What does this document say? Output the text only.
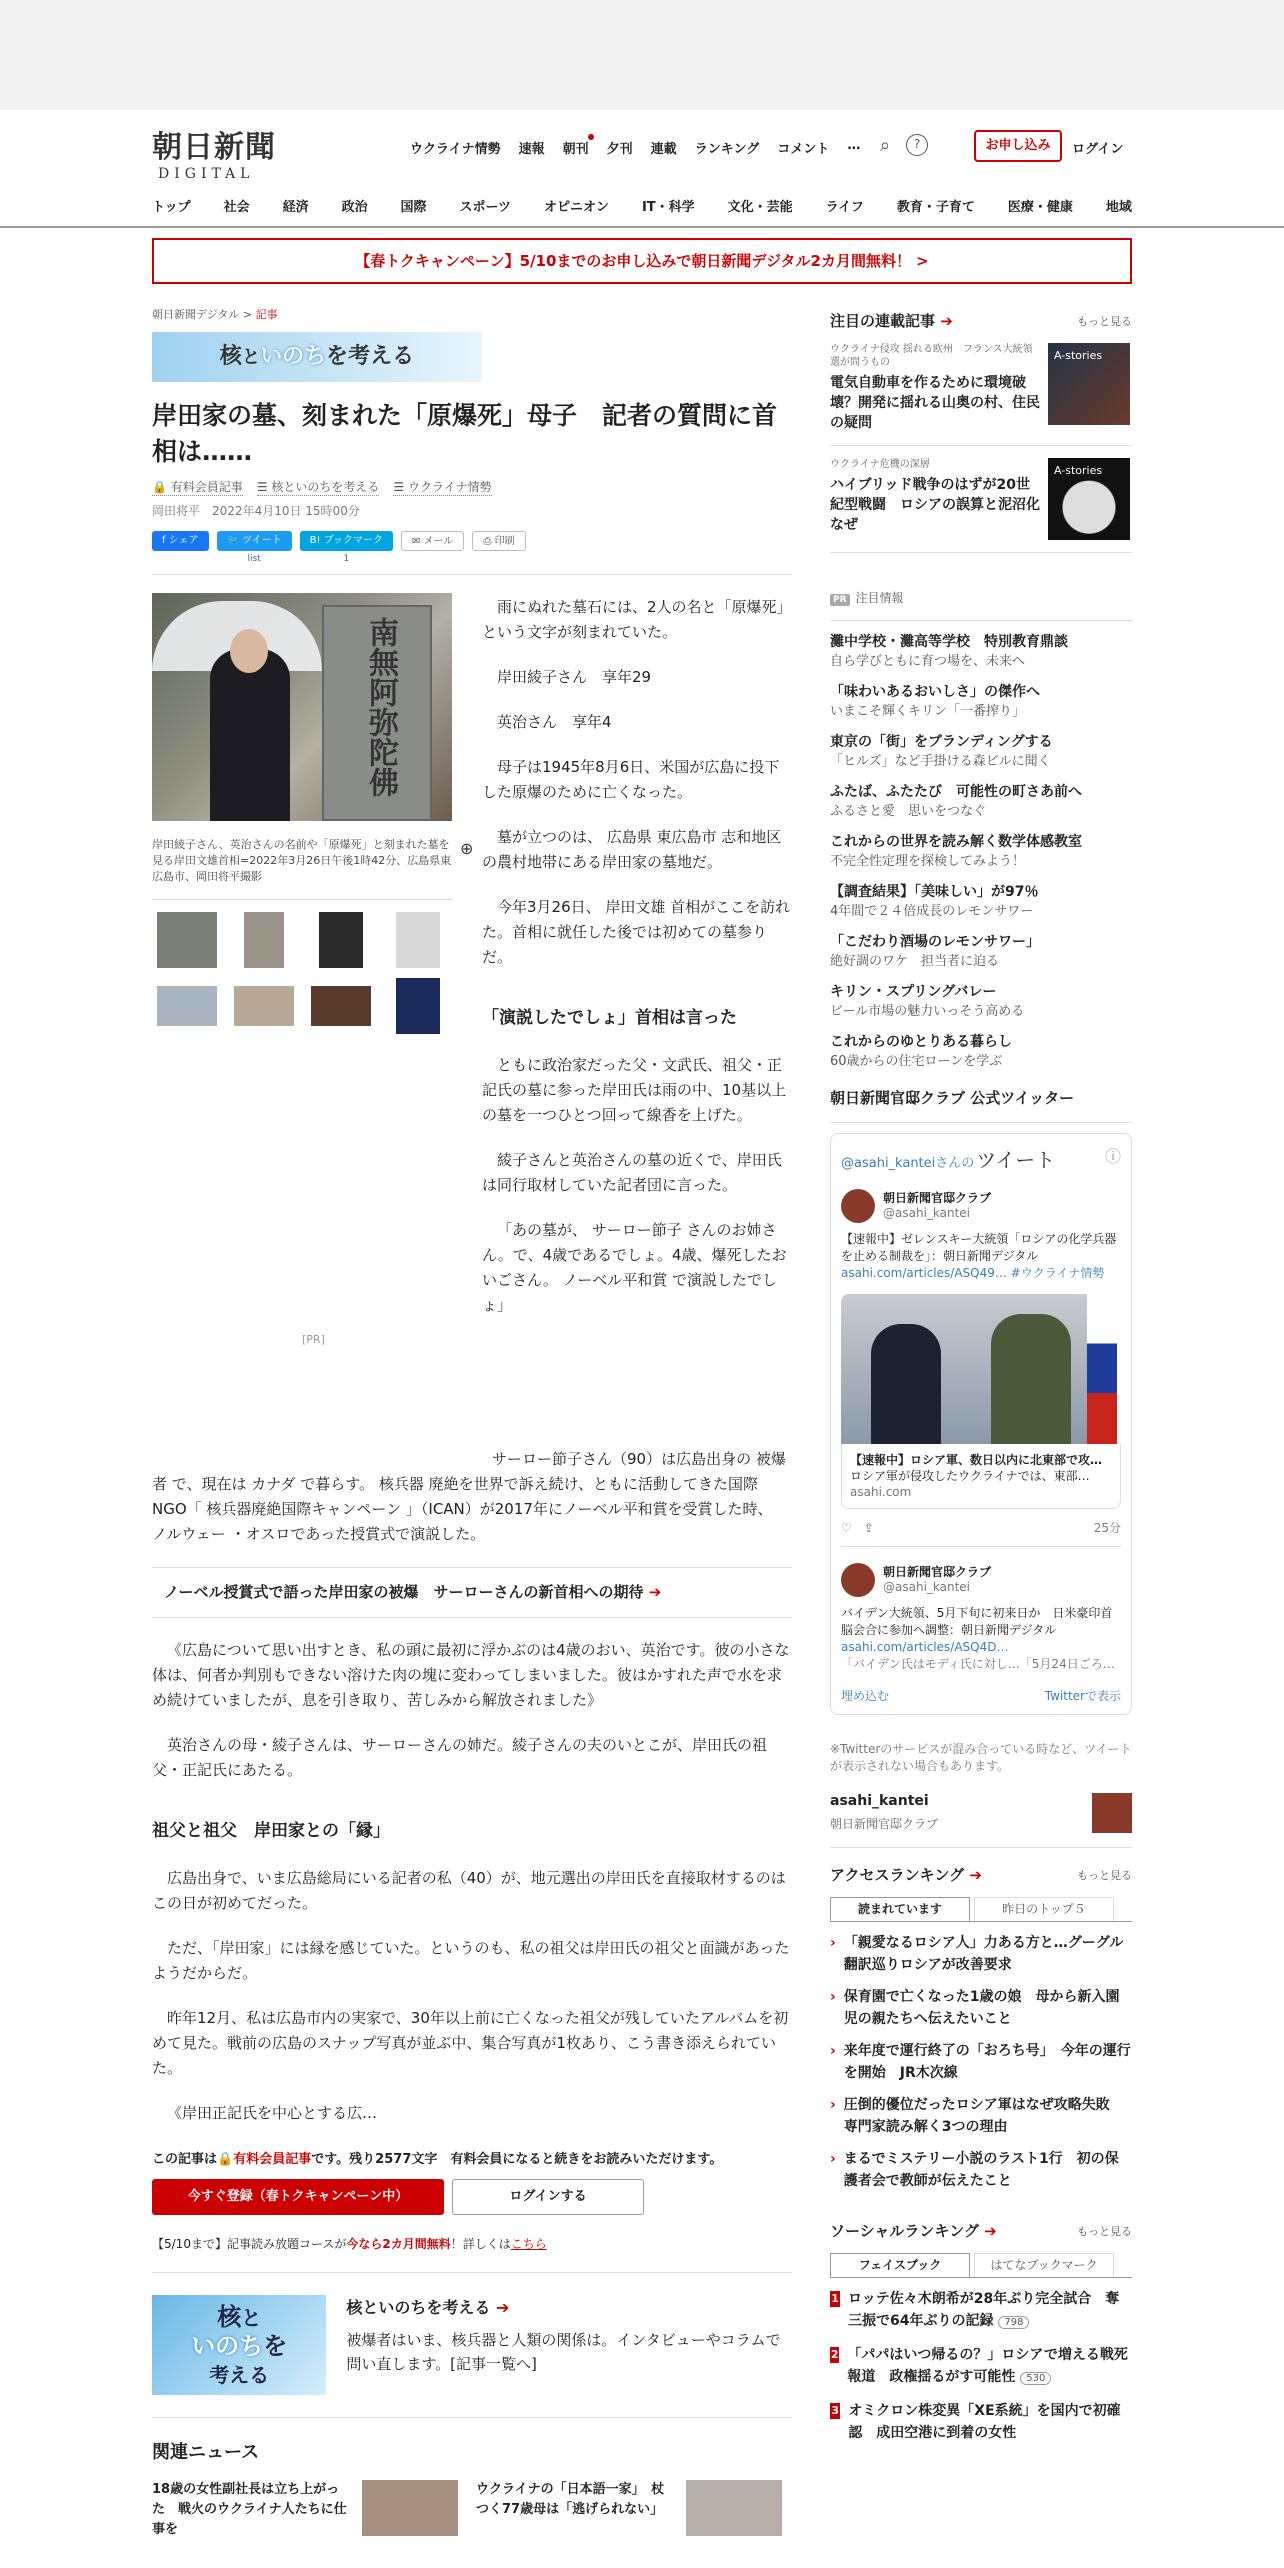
朝日新聞
DIGITAL
ウクライナ情勢 速報 朝刊 夕刊 連載 ランキング コメント … ⌕	?	お申し込み	ログイン
トップ	社会	経済	政治	国際	スポーツ	オピニオン	IT・科学	文化・芸能	ライフ	教育・子育て	医療・健康	地域
【春トクキャンペーン】5/10までのお申し込みで朝日新聞デジタル2カ月間無料！ >
朝日新聞デジタル > 記事
核といのちを考える
岸田家の墓、刻まれた「原爆死」母子　記者の質問に首相は……
🔒 有料会員記事 ☰ 核といのちを考える ☰ ウクライナ情勢
岡田将平　 2022年4月10日 15時00分
f シェア	🐦 ツイート
list
B! ブックマーク
1
✉ メール	⎙ 印刷
南無阿弥陀佛
岸田綾子さん、英治さんの名前や「原爆死」と刻まれた墓を見る岸田文雄首相=2022年3月26日午後1時42分、広島県東広島市、岡田将平撮影
⊕
[PR]

雨にぬれた墓石には、2人の名と「原爆死」という文字が刻まれていた。

岸田綾子さん　享年29

英治さん　享年4

母子は1945年8月6日、米国が広島に投下した原爆のために亡くなった。

墓が立つのは、 広島県 東広島市 志和地区の農村地帯にある岸田家の墓地だ。

今年3月26日、 岸田文雄 首相がここを訪れた。首相に就任した後では初めての墓参りだ。

「演説したでしょ」首相は言った

ともに政治家だった父・文武氏、祖父・正記氏の墓に参った岸田氏は雨の中、10基以上の墓を一つひとつ回って線香を上げた。

綾子さんと英治さんの墓の近くで、岸田氏は同行取材していた記者団に言った。

「あの墓が、 サーロー節子 さんのお姉さん。で、4歳であるでしょ。4歳、爆死したおいごさん。 ノーベル平和賞 で演説したでしょ」

サーロー節子さん（90）は広島出身の 被爆者 で、現在は カナダ で暮らす。 核兵器 廃絶を世界で訴え続け、ともに活動してきた国際NGO「 核兵器廃絶国際キャンペーン 」（ICAN）が2017年にノーベル平和賞を受賞した時、 ノルウェー ・オスロであった授賞式で演説した。

ノーベル授賞式で語った岸田家の被爆　サーローさんの新首相への期待 ➔

《広島について思い出すとき、私の頭に最初に浮かぶのは4歳のおい、英治です。彼の小さな体は、何者か判別もできない溶けた肉の塊に変わってしまいました。彼はかすれた声で水を求め続けていましたが、息を引き取り、苦しみから解放されました》

英治さんの母・綾子さんは、サーローさんの姉だ。綾子さんの夫のいとこが、岸田氏の祖父・正記氏にあたる。

祖父と祖父　岸田家との「縁」

広島出身で、いま広島総局にいる記者の私（40）が、地元選出の岸田氏を直接取材するのはこの日が初めてだった。

ただ、「岸田家」には縁を感じていた。というのも、私の祖父は岸田氏の祖父と面識があったようだからだ。

昨年12月、私は広島市内の実家で、30年以上前に亡くなった祖父が残していたアルバムを初めて見た。戦前の広島のスナップ写真が並ぶ中、集合写真が1枚あり、こう書き添えられていた。

《岸田正記氏を中心とする広…

この記事は🔒有料会員記事です。残り2577文字　有料会員になると続きをお読みいただけます。
今すぐ登録（春トクキャンペーン中）	ログインする
【5/10まで】記事読み放題コースが今なら2カ月間無料！詳しくはこちら
核と
いのちを
考える
核といのちを考える ➔
被爆者はいま、核兵器と人類の関係は。インタビューやコラムで問い直します。[記事一覧へ]
関連ニュース
18歳の女性副社長は立ち上がった　戦火のウクライナ人たちに仕事を
ウクライナの「日本語一家」　杖つく77歳母は「逃げられない」
注目の連載記事 ➔	もっと見る
ウクライナ侵攻 揺れる欧州　フランス大統領選が問うもの
電気自動車を作るために環境破壊？開発に揺れる山奥の村、住民の疑問
A-stories
ウクライナ危機の深層
ハイブリッド戦争のはずが20世紀型戦闘　ロシアの誤算と泥沼化なぜ
A-stories
PR 注目情報
灘中学校・灘高等学校　特別教育鼎談
自ら学びともに育つ場を、未来へ
「味わいあるおいしさ」の傑作へ
いまこそ輝くキリン「一番搾り」
東京の「街」をブランディングする
「ヒルズ」など手掛ける森ビルに聞く
ふたば、ふたたび　可能性の町さあ前へ
ふるさと愛　思いをつなぐ
これからの世界を読み解く数学体感教室
不完全性定理を探検してみよう！
【調査結果】「美味しい」が97％
4年間で２４倍成長のレモンサワー
「こだわり酒場のレモンサワー」
絶好調のワケ　担当者に迫る
キリン・スプリングバレー
ビール市場の魅力いっそう高める
これからのゆとりある暮らし
60歳からの住宅ローンを学ぶ
朝日新聞官邸クラブ 公式ツイッター
@asahi_kanteiさんの ツイート	ⓘ
朝日新聞官邸クラブ
@asahi_kantei
【速報中】ゼレンスキー大統領「ロシアの化学兵器を止める制裁を」：朝日新聞デジタル
asahi.com/articles/ASQ49… #ウクライナ情勢
【速報中】ロシア軍、数日以内に北東部で攻…
ロシア軍が侵攻したウクライナでは、東部…
asahi.com
♡　 ⇪	25分
朝日新聞官邸クラブ
@asahi_kantei
バイデン大統領、5月下旬に初来日か　日米豪印首脳会合に参加へ調整：朝日新聞デジタル
asahi.com/articles/ASQ4D…
「バイデン氏はモディ氏に対し…「5月24日ごろ…
埋め込む	Twitterで表示
※Twitterのサービスが混み合っている時など、ツイートが表示されない場合もあります。
asahi_kantei
朝日新聞官邸クラブ
アクセスランキング ➔	もっと見る
読まれています	昨日のトップ５
› 「親愛なるロシア人」力ある方と…グーグル翻訳巡りロシアが改善要求
› 保育園で亡くなった1歳の娘　母から新入園児の親たちへ伝えたいこと
› 来年度で運行終了の「おろち号」　今年の運行を開始　JR木次線
› 圧倒的優位だったロシア軍はなぜ攻略失敗　専門家読み解く3つの理由
› まるでミステリー小説のラスト1行　初の保護者会で教師が伝えたこと
ソーシャルランキング ➔	もっと見る
フェイスブック	はてなブックマーク
1 ロッテ佐々木朗希が28年ぶり完全試合　奪三振で64年ぶりの記録 798
2 「パパはいつ帰るの？」ロシアで増える戦死報道　政権揺るがす可能性 530
3 オミクロン株変異「XE系統」を国内で初確認　成田空港に到着の女性
